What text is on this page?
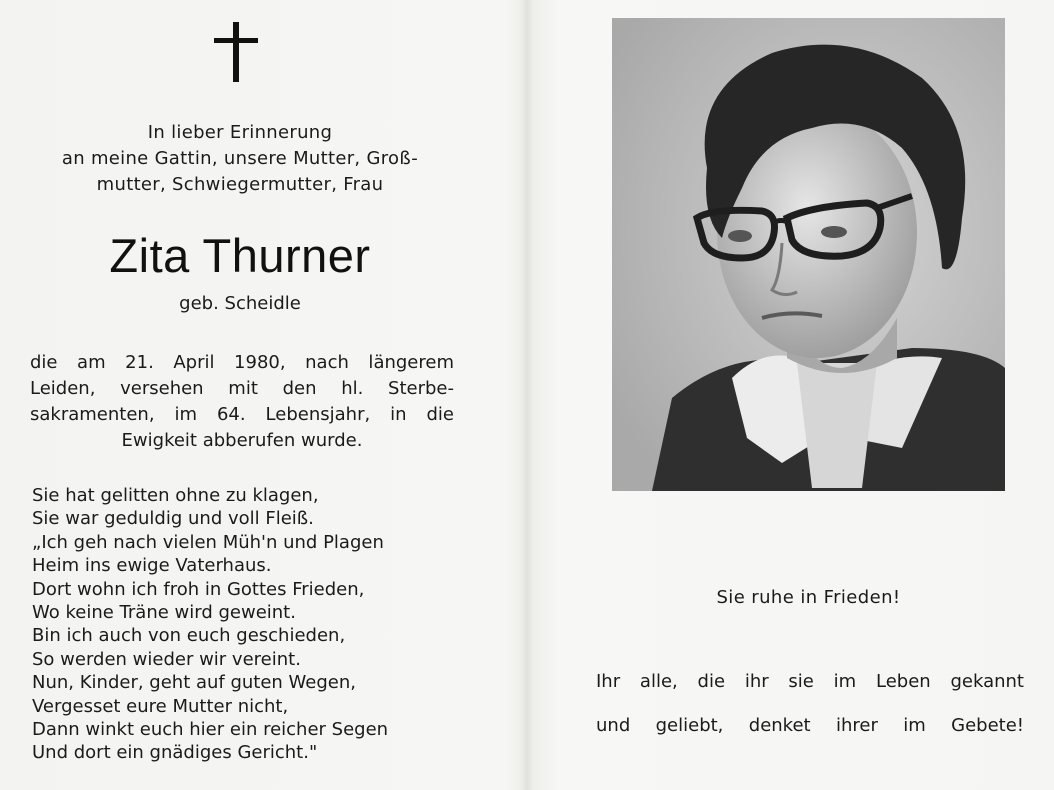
In lieber Erinnerung
an meine Gattin, unsere Mutter, Groß-
mutter, Schwiegermutter, Frau
Zita Thurner
geb. Scheidle
die am 21. April 1980, nach längerem
Leiden, versehen mit den hl. Sterbe-
sakramenten, im 64. Lebensjahr, in die
Ewigkeit abberufen wurde.
Sie hat gelitten ohne zu klagen,
Sie war geduldig und voll Fleiß.
„Ich geh nach vielen Müh'n und Plagen
Heim ins ewige Vaterhaus.
Dort wohn ich froh in Gottes Frieden,
Wo keine Träne wird geweint.
Bin ich auch von euch geschieden,
So werden wieder wir vereint.
Nun, Kinder, geht auf guten Wegen,
Vergesset eure Mutter nicht,
Dann winkt euch hier ein reicher Segen
Und dort ein gnädiges Gericht."
Sie ruhe in Frieden!
Ihr alle, die ihr sie im Leben gekannt
und geliebt, denket ihrer im Gebete!
